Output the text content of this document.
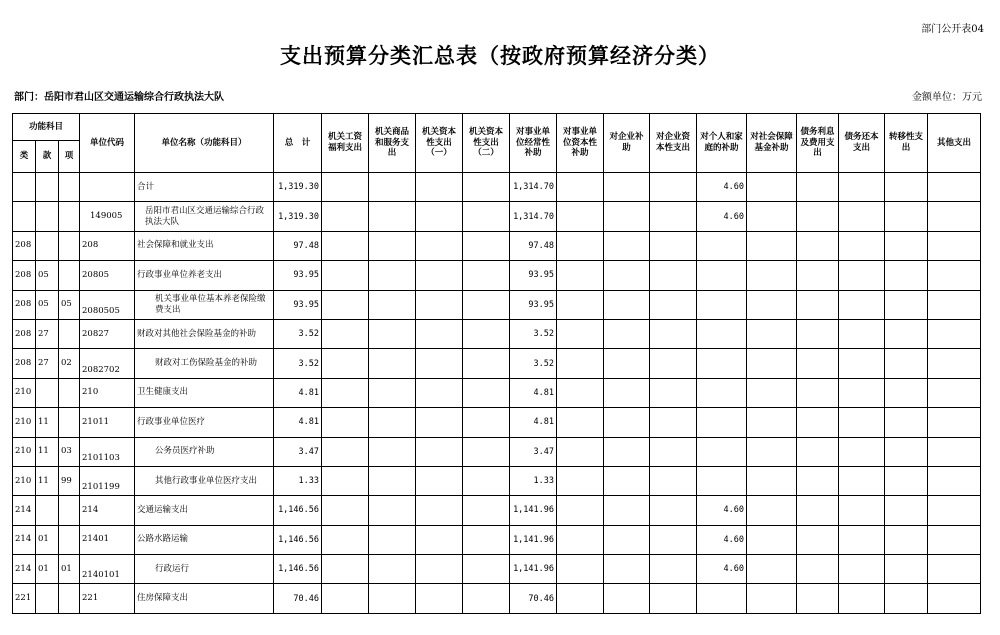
部门公开表04
支出预算分类汇总表（按政府预算经济分类）
部门：岳阳市君山区交通运输综合行政执法大队	金额单位：万元
功能科目			单位代码	单位名称（功能科目）	总　计	机关工资福利支出	机关商品和服务支出	机关资本性支出（一）	机关资本性支出（二）	对事业单位经常性补助	对事业单位资本性补助	对企业补助	对企业资本性支出	对个人和家庭的补助	对社会保障基金补助	债务利息及费用支出	债务还本支出	转移性支出	其他支出
类	款	项																	
				合计	1,319.30					1,314.70				4.60					
			149005	岳阳市君山区交通运输综合行政执法大队	1,319.30					1,314.70				4.60					
208			208	社会保障和就业支出	97.48					97.48									
208	05		20805	行政事业单位养老支出	93.95					93.95									
208	05	05	2080505	机关事业单位基本养老保险缴费支出	93.95					93.95									
208	27		20827	财政对其他社会保险基金的补助	3.52					3.52									
208	27	02	2082702	财政对工伤保险基金的补助	3.52					3.52									
210			210	卫生健康支出	4.81					4.81									
210	11		21011	行政事业单位医疗	4.81					4.81									
210	11	03	2101103	公务员医疗补助	3.47					3.47									
210	11	99	2101199	其他行政事业单位医疗支出	1.33					1.33									
214			214	交通运输支出	1,146.56					1,141.96				4.60					
214	01		21401	公路水路运输	1,146.56					1,141.96				4.60					
214	01	01	2140101	行政运行	1,146.56					1,141.96				4.60					
221			221	住房保障支出	70.46					70.46									
